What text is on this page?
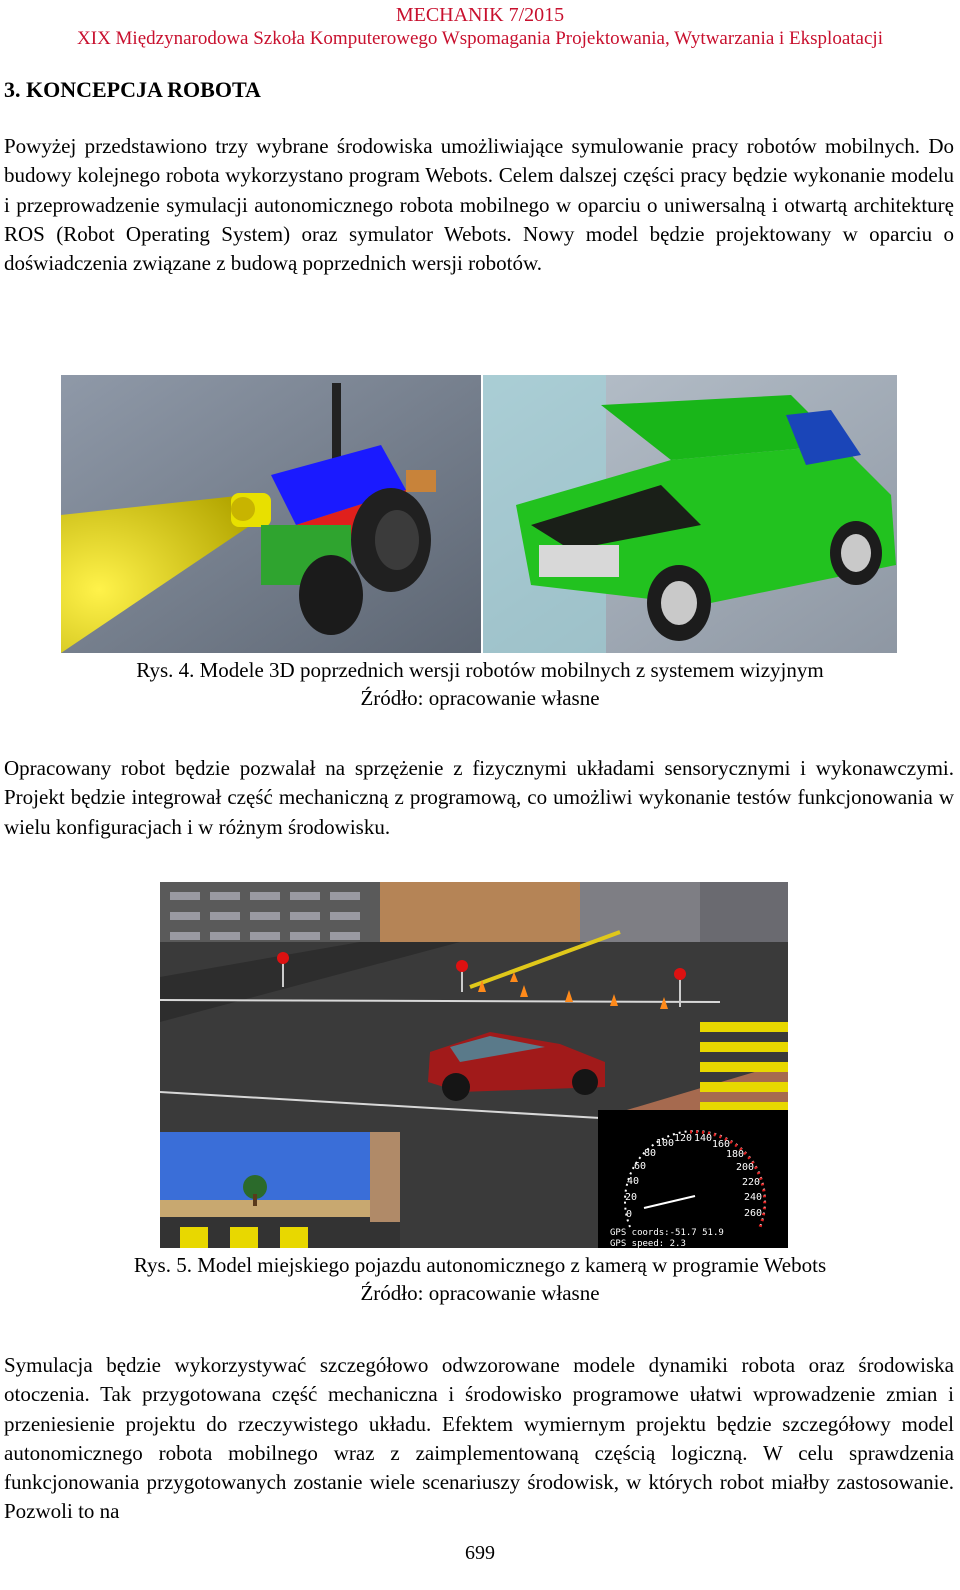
MECHANIK 7/2015
XIX Międzynarodowa Szkoła Komputerowego Wspomagania Projektowania, Wytwarzania i Eksploatacji
3. KONCEPCJA ROBOTA
Powyżej przedstawiono trzy wybrane środowiska umożliwiające symulowanie pracy robotów mobilnych. Do budowy kolejnego robota wykorzystano program Webots. Celem dalszej części pracy będzie wykonanie modelu i przeprowadzenie symulacji autonomicznego robota mobilnego w oparciu o uniwersalną i otwartą architekturę ROS (Robot Operating System) oraz symulator Webots. Nowy model będzie projektowany w oparciu o doświadczenia związane z budową poprzednich wersji robotów.
Rys. 4. Modele 3D poprzednich wersji robotów mobilnych z systemem wizyjnym
Źródło: opracowanie własne
Opracowany robot będzie pozwalał na sprzężenie z fizycznymi układami sensorycznymi i wykonawczymi. Projekt będzie integrował część mechaniczną z programową, co umożliwi wykonanie testów funkcjonowania w wielu konfiguracjach i w różnym środowisku.
0
20
40
60
80
100 120 140
160
180
200
220
240
260
GPS coords:-51.7 51.9
GPS speed: 2.3
Rys. 5. Model miejskiego pojazdu autonomicznego z kamerą w programie Webots
Źródło: opracowanie własne
Symulacja będzie wykorzystywać szczegółowo odwzorowane modele dynamiki robota oraz środowiska otoczenia. Tak przygotowana część mechaniczna i środowisko programowe ułatwi wprowadzenie zmian i przeniesienie projektu do rzeczywistego układu. Efektem wymiernym projektu będzie szczegółowy model autonomicznego robota mobilnego wraz z zaimplementowaną częścią logiczną. W celu sprawdzenia funkcjonowania przygotowanych zostanie wiele scenariuszy środowisk, w których robot miałby zastosowanie. Pozwoli to na
699
